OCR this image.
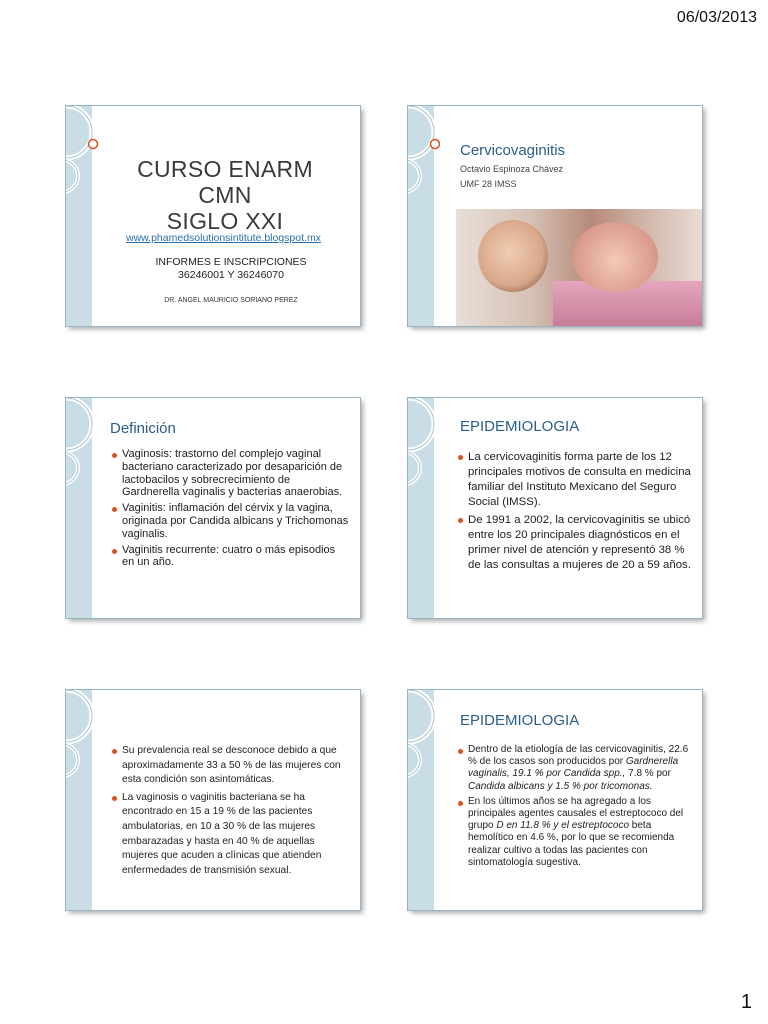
06/03/2013
CURSO ENARM CMN
SIGLO XXI
www.phamedsolutionsintitute.blogspot.mx
INFORMES E INSCRIPCIONES
36246001 Y 36246070
DR. ANGEL MAURICIO SORIANO PEREZ
Cervicovaginitis
Octavio Espinoza Chávez
UMF 28 IMSS
Definición
Vaginosis: trastorno del complejo vaginal bacteriano caracterizado por desaparición de lactobacilos y sobrecrecimiento de Gardnerella vaginalis y bacterias anaerobias.
Vaginitis: inflamación del cérvix y la vagina, originada por Candida albicans y Trichomonas vaginalis.
Vaginitis recurrente: cuatro o más episodios en un año.
EPIDEMIOLOGIA
La cervicovaginitis forma parte de los 12 principales motivos de consulta en medicina familiar del Instituto Mexicano del Seguro Social (IMSS).
De 1991 a 2002, la cervicovaginitis se ubicó entre los 20 principales diagnósticos en el primer nivel de atención y representó 38 % de las consultas a mujeres de 20 a 59 años.
Su prevalencia real se desconoce debido a que aproximadamente 33 a 50 % de las mujeres con esta condición son asintomáticas.
La vaginosis o vaginitis bacteriana se ha encontrado en 15 a 19 % de las pacientes ambulatorias, en 10 a 30 % de las mujeres embarazadas y hasta en 40 % de aquellas mujeres que acuden a clínicas que atienden enfermedades de transmisión sexual.
EPIDEMIOLOGIA
Dentro de la etiología de las cervicovaginitis, 22.6 % de los casos son producidos por Gardnerella vaginalis, 19.1 % por Candida spp., 7.8 % por Candida albicans y 1.5 % por tricomonas.
En los últimos años se ha agregado a los principales agentes causales el estreptococo del grupo D en 11.8 % y el estreptococo beta hemolítico en 4.6 %, por lo que se recomienda realizar cultivo a todas las pacientes con sintomatología sugestiva.
1
